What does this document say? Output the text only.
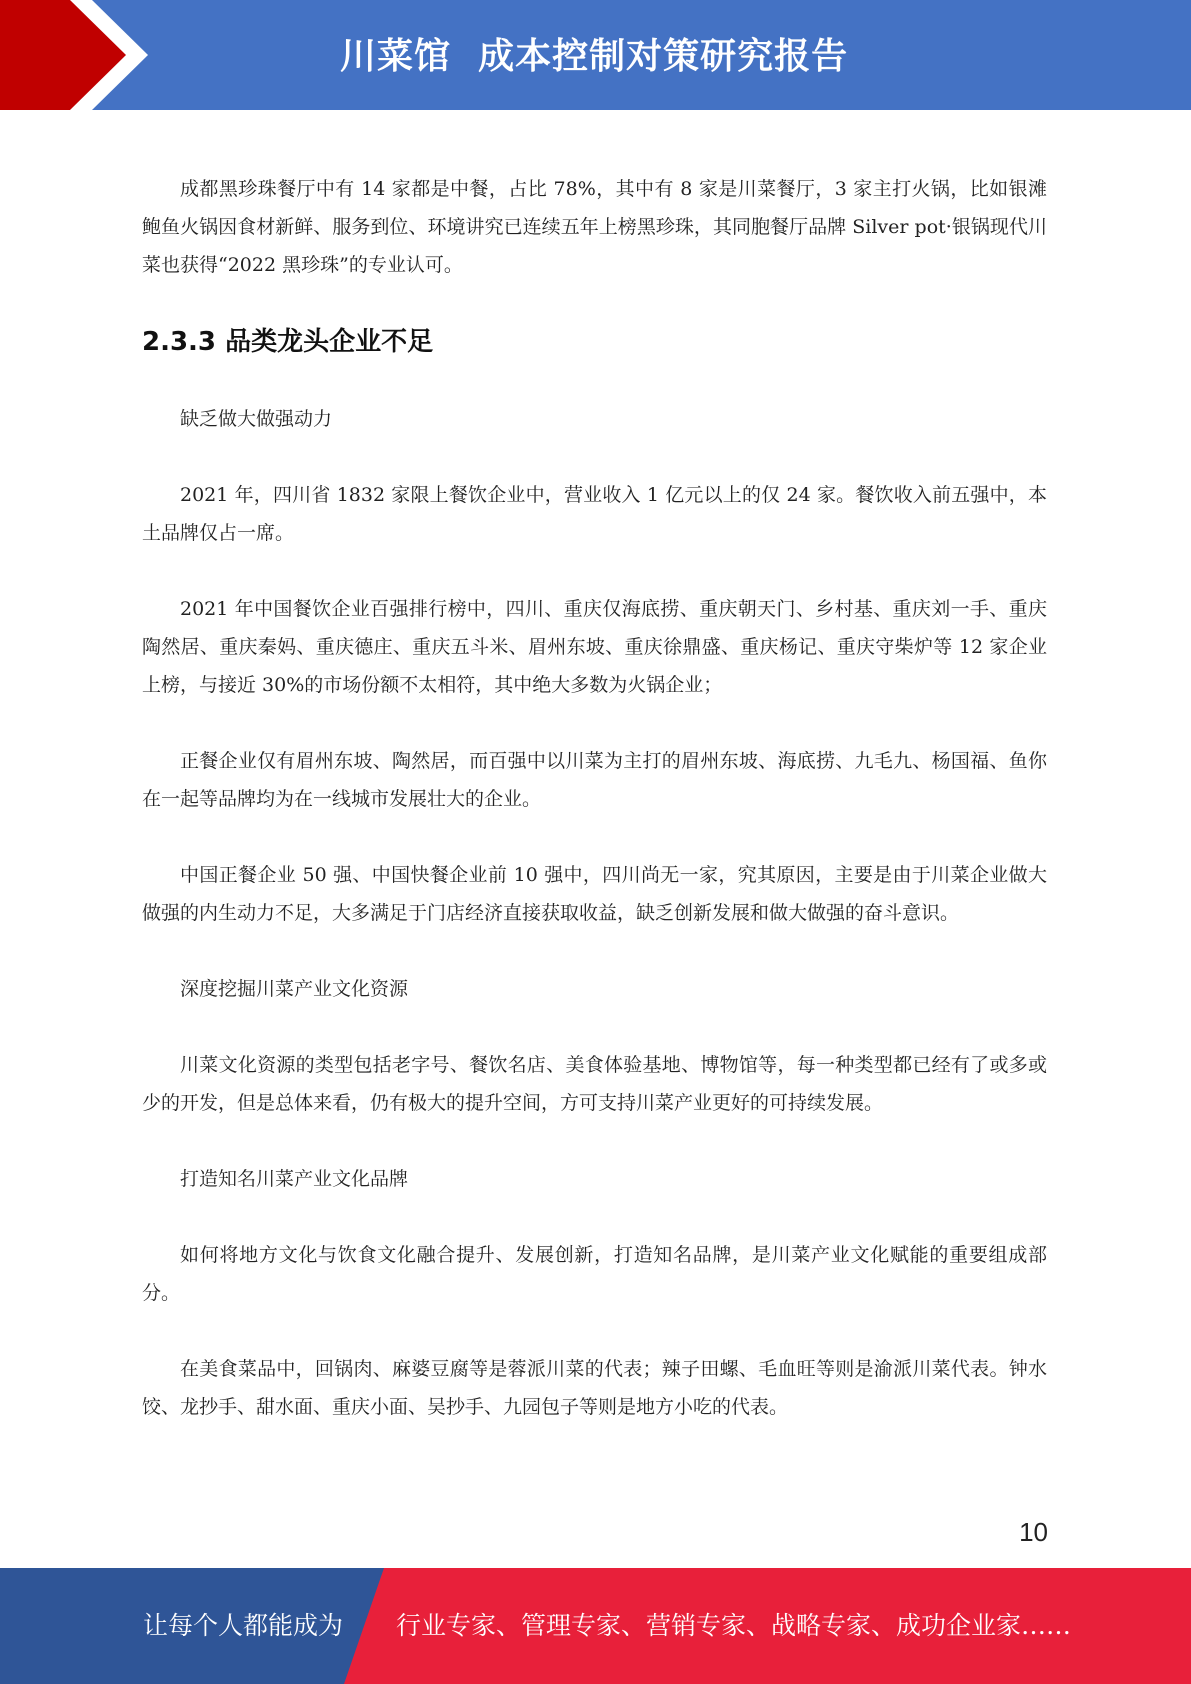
川菜馆  成本控制对策研究报告

成都黑珍珠餐厅中有 14 家都是中餐，占比 78%，其中有 8 家是川菜餐厅，3 家主打火锅，比如银滩鲍鱼火锅因食材新鲜、服务到位、环境讲究已连续五年上榜黑珍珠，其同胞餐厅品牌 Silver pot·银锅现代川菜也获得“2022 黑珍珠”的专业认可。

2.3.3 品类龙头企业不足

缺乏做大做强动力

2021 年，四川省 1832 家限上餐饮企业中，营业收入 1 亿元以上的仅 24 家。餐饮收入前五强中，本土品牌仅占一席。

2021 年中国餐饮企业百强排行榜中，四川、重庆仅海底捞、重庆朝天门、乡村基、重庆刘一手、重庆陶然居、重庆秦妈、重庆德庄、重庆五斗米、眉州东坡、重庆徐鼎盛、重庆杨记、重庆守柴炉等 12 家企业上榜，与接近 30%的市场份额不太相符，其中绝大多数为火锅企业；

正餐企业仅有眉州东坡、陶然居，而百强中以川菜为主打的眉州东坡、海底捞、九毛九、杨国福、鱼你在一起等品牌均为在一线城市发展壮大的企业。

中国正餐企业 50 强、中国快餐企业前 10 强中，四川尚无一家，究其原因，主要是由于川菜企业做大做强的内生动力不足，大多满足于门店经济直接获取收益，缺乏创新发展和做大做强的奋斗意识。

深度挖掘川菜产业文化资源

川菜文化资源的类型包括老字号、餐饮名店、美食体验基地、博物馆等，每一种类型都已经有了或多或少的开发，但是总体来看，仍有极大的提升空间，方可支持川菜产业更好的可持续发展。

打造知名川菜产业文化品牌

如何将地方文化与饮食文化融合提升、发展创新，打造知名品牌，是川菜产业文化赋能的重要组成部分。

在美食菜品中，回锅肉、麻婆豆腐等是蓉派川菜的代表；辣子田螺、毛血旺等则是渝派川菜代表。钟水饺、龙抄手、甜水面、重庆小面、吴抄手、九园包子等则是地方小吃的代表。

10
让每个人都能成为 行业专家、管理专家、营销专家、战略专家、成功企业家……
